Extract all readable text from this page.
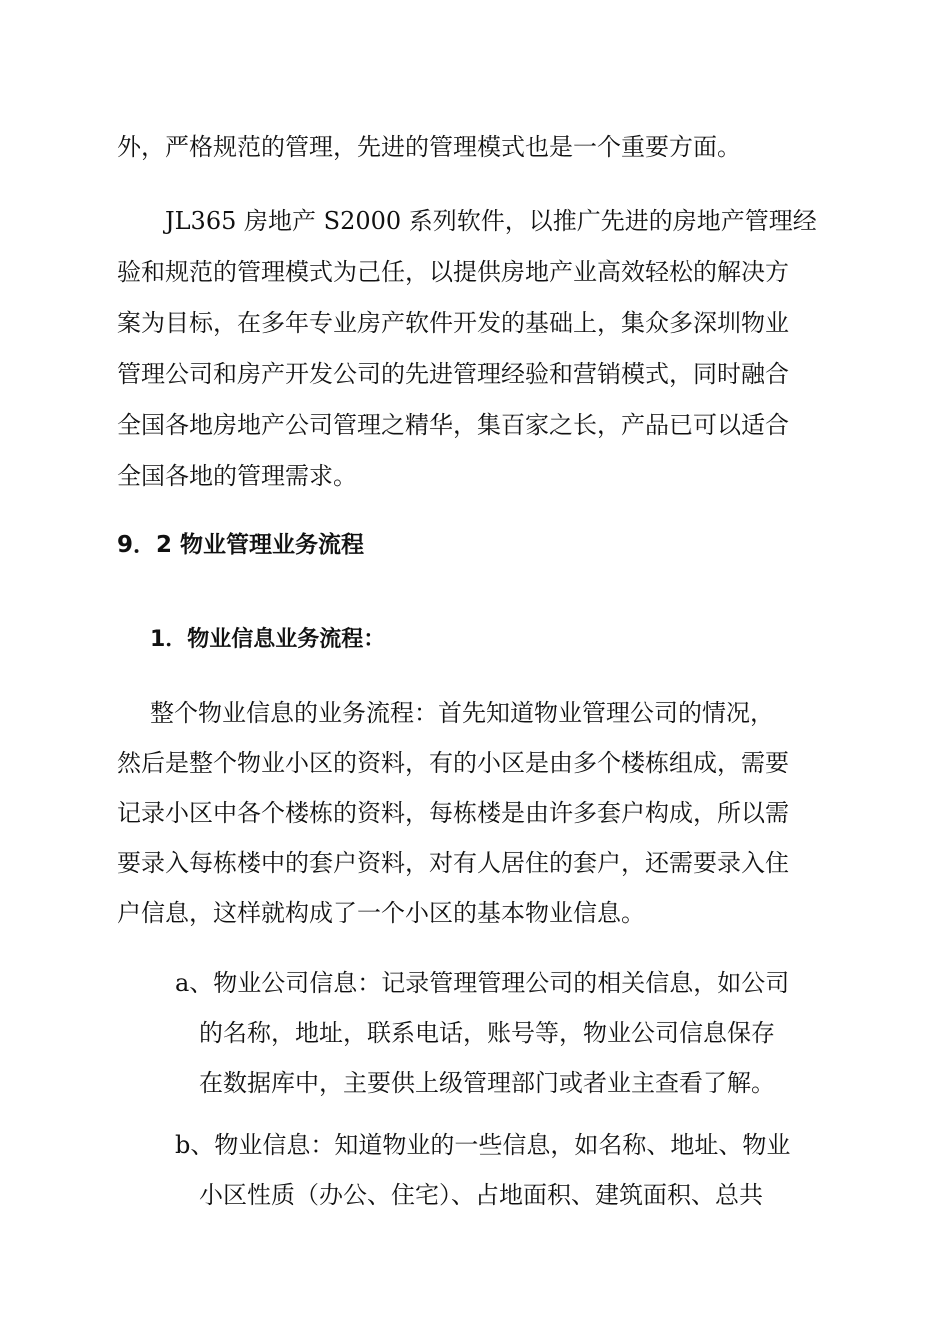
外，严格规范的管理，先进的管理模式也是一个重要方面。
JL365 房地产 S2000 系列软件，以推广先进的房地产管理经
验和规范的管理模式为己任，以提供房地产业高效轻松的解决方
案为目标，在多年专业房产软件开发的基础上，集众多深圳物业
管理公司和房产开发公司的先进管理经验和营销模式，同时融合
全国各地房地产公司管理之精华，集百家之长，产品已可以适合
全国各地的管理需求。
9．2 物业管理业务流程
1．物业信息业务流程：
整个物业信息的业务流程：首先知道物业管理公司的情况，
然后是整个物业小区的资料，有的小区是由多个楼栋组成，需要
记录小区中各个楼栋的资料，每栋楼是由许多套户构成，所以需
要录入每栋楼中的套户资料，对有人居住的套户，还需要录入住
户信息，这样就构成了一个小区的基本物业信息。
a、物业公司信息：记录管理管理公司的相关信息，如公司
的名称，地址，联系电话，账号等，物业公司信息保存
在数据库中，主要供上级管理部门或者业主查看了解。
b、物业信息：知道物业的一些信息，如名称、地址、物业
小区性质（办公、住宅）、占地面积、建筑面积、总共
